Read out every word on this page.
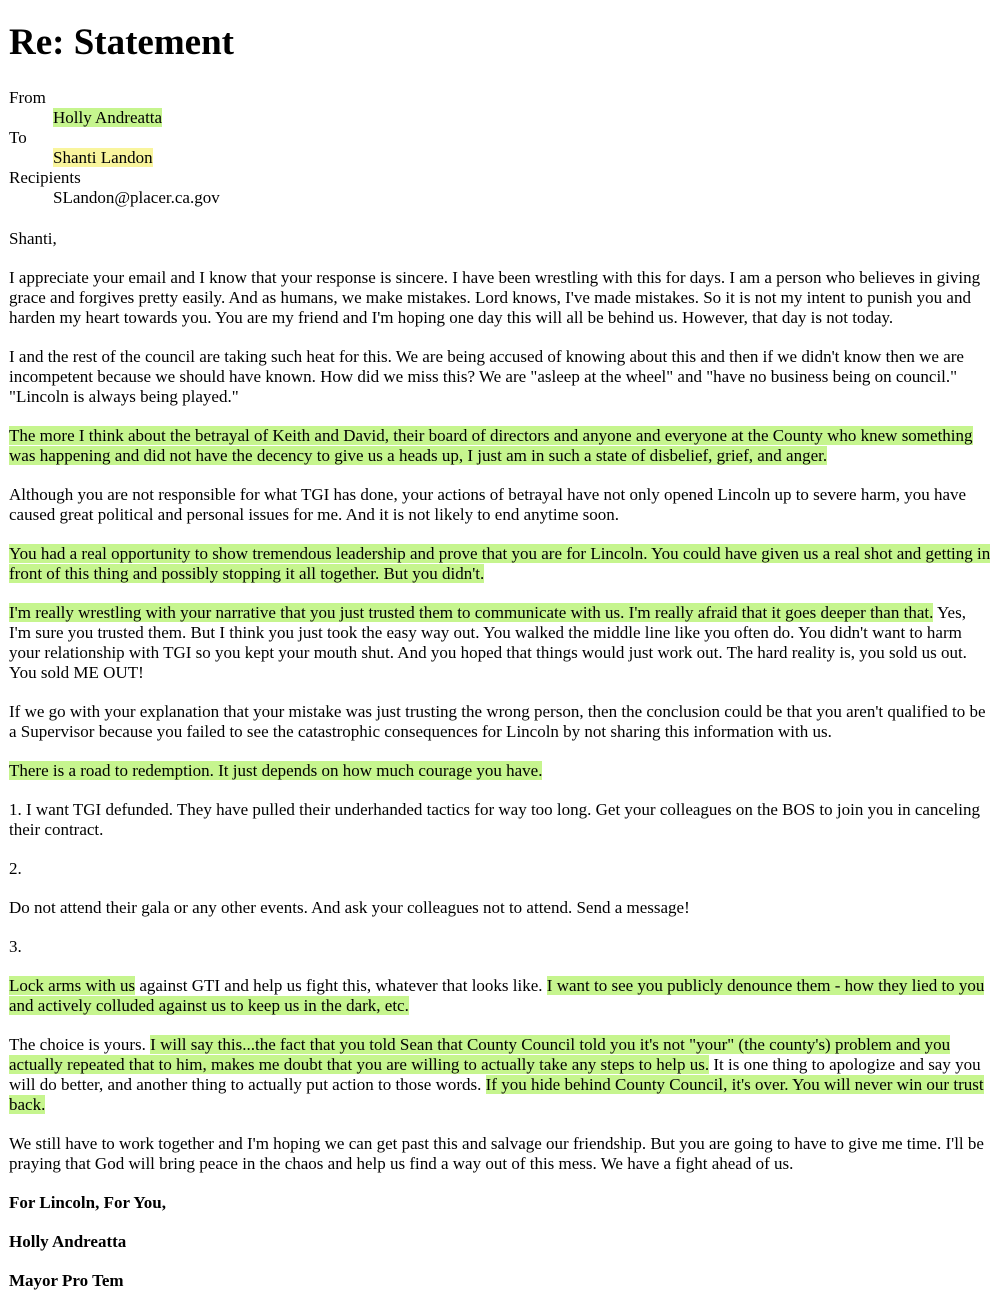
Re: Statement
From
Holly Andreatta
To
Shanti Landon
Recipients
SLandon@placer.ca.gov

Shanti,

I appreciate your email and I know that your response is sincere. I have been wrestling with this for days. I am a person who believes in giving grace and forgives pretty easily. And as humans, we make mistakes. Lord knows, I've made mistakes. So it is not my intent to punish you and harden my heart towards you. You are my friend and I'm hoping one day this will all be behind us. However, that day is not today.

I and the rest of the council are taking such heat for this. We are being accused of knowing about this and then if we didn't know then we are incompetent because we should have known. How did we miss this? We are "asleep at the wheel" and "have no business being on council." "Lincoln is always being played."

The more I think about the betrayal of Keith and David, their board of directors and anyone and everyone at the County who knew something was happening and did not have the decency to give us a heads up, I just am in such a state of disbelief, grief, and anger.

Although you are not responsible for what TGI has done, your actions of betrayal have not only opened Lincoln up to severe harm, you have caused great political and personal issues for me. And it is not likely to end anytime soon.

You had a real opportunity to show tremendous leadership and prove that you are for Lincoln. You could have given us a real shot and getting in front of this thing and possibly stopping it all together. But you didn't.

I'm really wrestling with your narrative that you just trusted them to communicate with us. I'm really afraid that it goes deeper than that. Yes, I'm sure you trusted them. But I think you just took the easy way out. You walked the middle line like you often do. You didn't want to harm your relationship with TGI so you kept your mouth shut. And you hoped that things would just work out. The hard reality is, you sold us out. You sold ME OUT!

If we go with your explanation that your mistake was just trusting the wrong person, then the conclusion could be that you aren't qualified to be a Supervisor because you failed to see the catastrophic consequences for Lincoln by not sharing this information with us.

There is a road to redemption. It just depends on how much courage you have.

1. I want TGI defunded. They have pulled their underhanded tactics for way too long. Get your colleagues on the BOS to join you in canceling their contract.

2.

Do not attend their gala or any other events. And ask your colleagues not to attend. Send a message!

3.

Lock arms with us against GTI and help us fight this, whatever that looks like. I want to see you publicly denounce them - how they lied to you and actively colluded against us to keep us in the dark, etc.

The choice is yours. I will say this...the fact that you told Sean that County Council told you it's not "your" (the county's) problem and you actually repeated that to him, makes me doubt that you are willing to actually take any steps to help us. It is one thing to apologize and say you will do better, and another thing to actually put action to those words. If you hide behind County Council, it's over. You will never win our trust back.

We still have to work together and I'm hoping we can get past this and salvage our friendship. But you are going to have to give me time. I'll be praying that God will bring peace in the chaos and help us find a way out of this mess. We have a fight ahead of us.

For Lincoln, For You,

Holly Andreatta

Mayor Pro Tem
